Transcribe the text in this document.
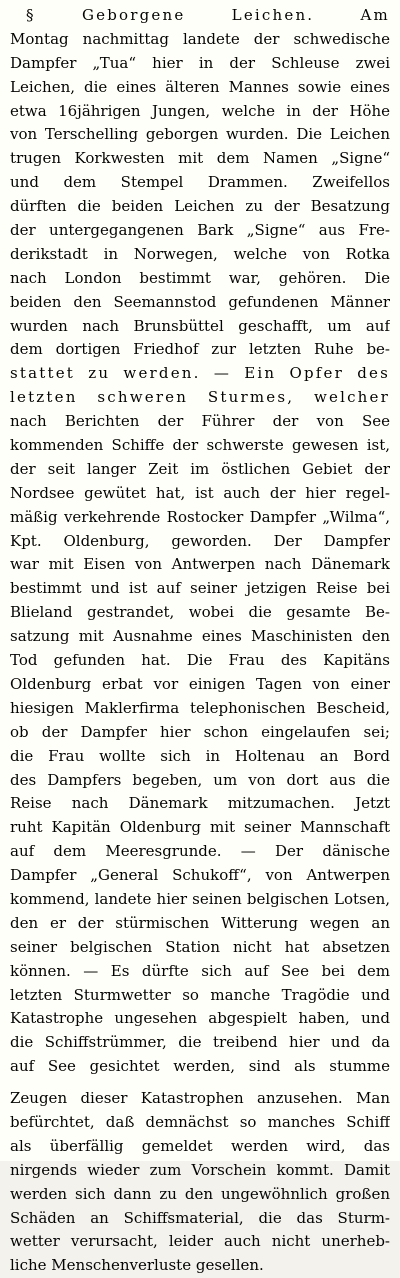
§ Geborgene Leichen. Am
Montag nachmittag landete der schwedische
Dampfer „Tua“ hier in der Schleuse zwei
Leichen, die eines älteren Mannes sowie eines
etwa 16jährigen Jungen, welche in der Höhe
von Terschelling geborgen wurden. Die Leichen
trugen Korkwesten mit dem Namen „Signe“
und dem Stempel Drammen. Zweifellos
dürften die beiden Leichen zu der Besatzung
der untergegangenen Bark „Signe“ aus Fre-
derikstadt in Norwegen, welche von Rotka
nach London bestimmt war, gehören. Die
beiden den Seemannstod gefundenen Männer
wurden nach Brunsbüttel geschafft, um auf
dem dortigen Friedhof zur letzten Ruhe be-
stattet zu werden. — Ein Opfer des
letzten schweren Sturmes, welcher
nach Berichten der Führer der von See
kommenden Schiffe der schwerste gewesen ist,
der seit langer Zeit im östlichen Gebiet der
Nordsee gewütet hat, ist auch der hier regel-
mäßig verkehrende Rostocker Dampfer „Wilma“,
Kpt. Oldenburg, geworden. Der Dampfer
war mit Eisen von Antwerpen nach Dänemark
bestimmt und ist auf seiner jetzigen Reise bei
Blieland gestrandet, wobei die gesamte Be-
satzung mit Ausnahme eines Maschinisten den
Tod gefunden hat. Die Frau des Kapitäns
Oldenburg erbat vor einigen Tagen von einer
hiesigen Maklerfirma telephonischen Bescheid,
ob der Dampfer hier schon eingelaufen sei;
die Frau wollte sich in Holtenau an Bord
des Dampfers begeben, um von dort aus die
Reise nach Dänemark mitzumachen. Jetzt
ruht Kapitän Oldenburg mit seiner Mannschaft
auf dem Meeresgrunde. — Der dänische
Dampfer „General Schukoff“, von Antwerpen
kommend, landete hier seinen belgischen Lotsen,
den er der stürmischen Witterung wegen an
seiner belgischen Station nicht hat absetzen
können. — Es dürfte sich auf See bei dem
letzten Sturmwetter so manche Tragödie und
Katastrophe ungesehen abgespielt haben, und
die Schiffstrümmer, die treibend hier und da
auf See gesichtet werden, sind als stumme
Zeugen dieser Katastrophen anzusehen. Man
befürchtet, daß demnächst so manches Schiff
als überfällig gemeldet werden wird, das
nirgends wieder zum Vorschein kommt. Damit
werden sich dann zu den ungewöhnlich großen
Schäden an Schiffsmaterial, die das Sturm-
wetter verursacht, leider auch nicht unerheb-
liche Menschenverluste gesellen.
